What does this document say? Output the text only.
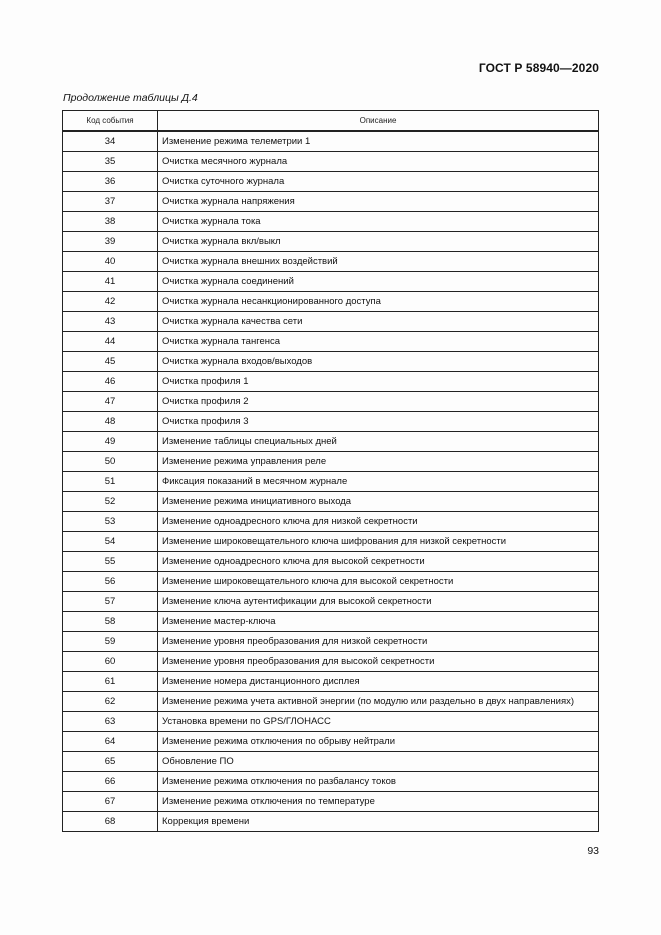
ГОСТ Р 58940—2020
Продолжение таблицы Д.4
Код события	Описание
34	Изменение режима телеметрии 1
35	Очистка месячного журнала
36	Очистка суточного журнала
37	Очистка журнала напряжения
38	Очистка журнала тока
39	Очистка журнала вкл/выкл
40	Очистка журнала внешних воздействий
41	Очистка журнала соединений
42	Очистка журнала несанкционированного доступа
43	Очистка журнала качества сети
44	Очистка журнала тангенса
45	Очистка журнала входов/выходов
46	Очистка профиля 1
47	Очистка профиля 2
48	Очистка профиля 3
49	Изменение таблицы специальных дней
50	Изменение режима управления реле
51	Фиксация показаний в месячном журнале
52	Изменение режима инициативного выхода
53	Изменение одноадресного ключа для низкой секретности
54	Изменение широковещательного ключа шифрования для низкой секретности
55	Изменение одноадресного ключа для высокой секретности
56	Изменение широковещательного ключа для высокой секретности
57	Изменение ключа аутентификации для высокой секретности
58	Изменение мастер-ключа
59	Изменение уровня преобразования для низкой секретности
60	Изменение уровня преобразования для высокой секретности
61	Изменение номера дистанционного дисплея
62	Изменение режима учета активной энергии (по модулю или раздельно в двух направлениях)
63	Установка времени по GPS/ГЛОНАСС
64	Изменение режима отключения по обрыву нейтрали
65	Обновление ПО
66	Изменение режима отключения по разбалансу токов
67	Изменение режима отключения по температуре
68	Коррекция времени
93
